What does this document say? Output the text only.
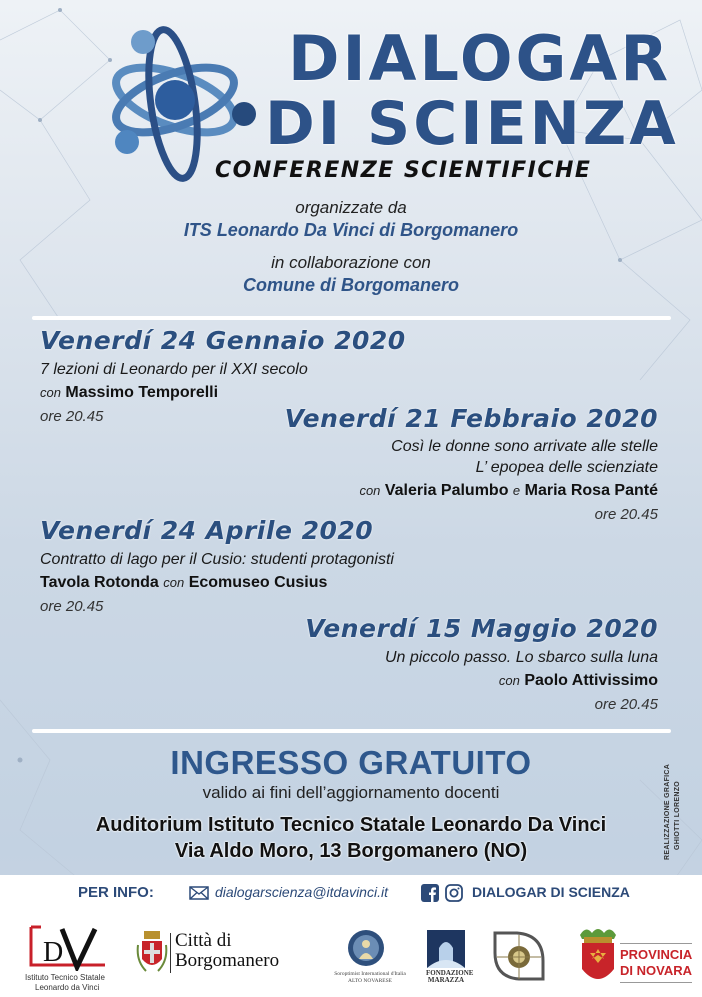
DIALOGAR
DI SCIENZA
CONFERENZE SCIENTIFICHE
organizzate da
ITS Leonardo Da Vinci di Borgomanero
in collaborazione con
Comune di Borgomanero
Venerdí 24 Gennaio 2020
7 lezioni di Leonardo per il XXI secolo
con Massimo Temporelli
ore 20.45	Venerdí 21 Febbraio 2020
Così le donne sono arrivate alle stelle
L’ epopea delle scienziate
con Valeria Palumbo e Maria Rosa Panté
ore 20.45
Venerdí 24 Aprile 2020
Contratto di lago per il Cusio: studenti protagonisti
Tavola Rotonda con Ecomuseo Cusius
ore 20.45
Venerdí 15 Maggio 2020
Un piccolo passo. Lo sbarco sulla luna
con Paolo Attivissimo
ore 20.45
INGRESSO GRATUITO
valido ai fini dell’aggiornamento docenti
Auditorium Istituto Tecnico Statale Leonardo Da Vinci
Via Aldo Moro, 13 Borgomanero (NO)	REALIZZAZIONE GRAFICA GHIOTTI LORENZO
PER INFO:	dialogarscienza@itdavinci.it	DIALOGAR DI SCIENZA
D
Istituto Tecnico Statale
Leonardo da Vinci
Città di
Borgomanero
Soroptimist International d'Italia
ALTO NOVARESE
FONDAZIONE
MARAZZA
PROVINCIA
DI NOVARA
